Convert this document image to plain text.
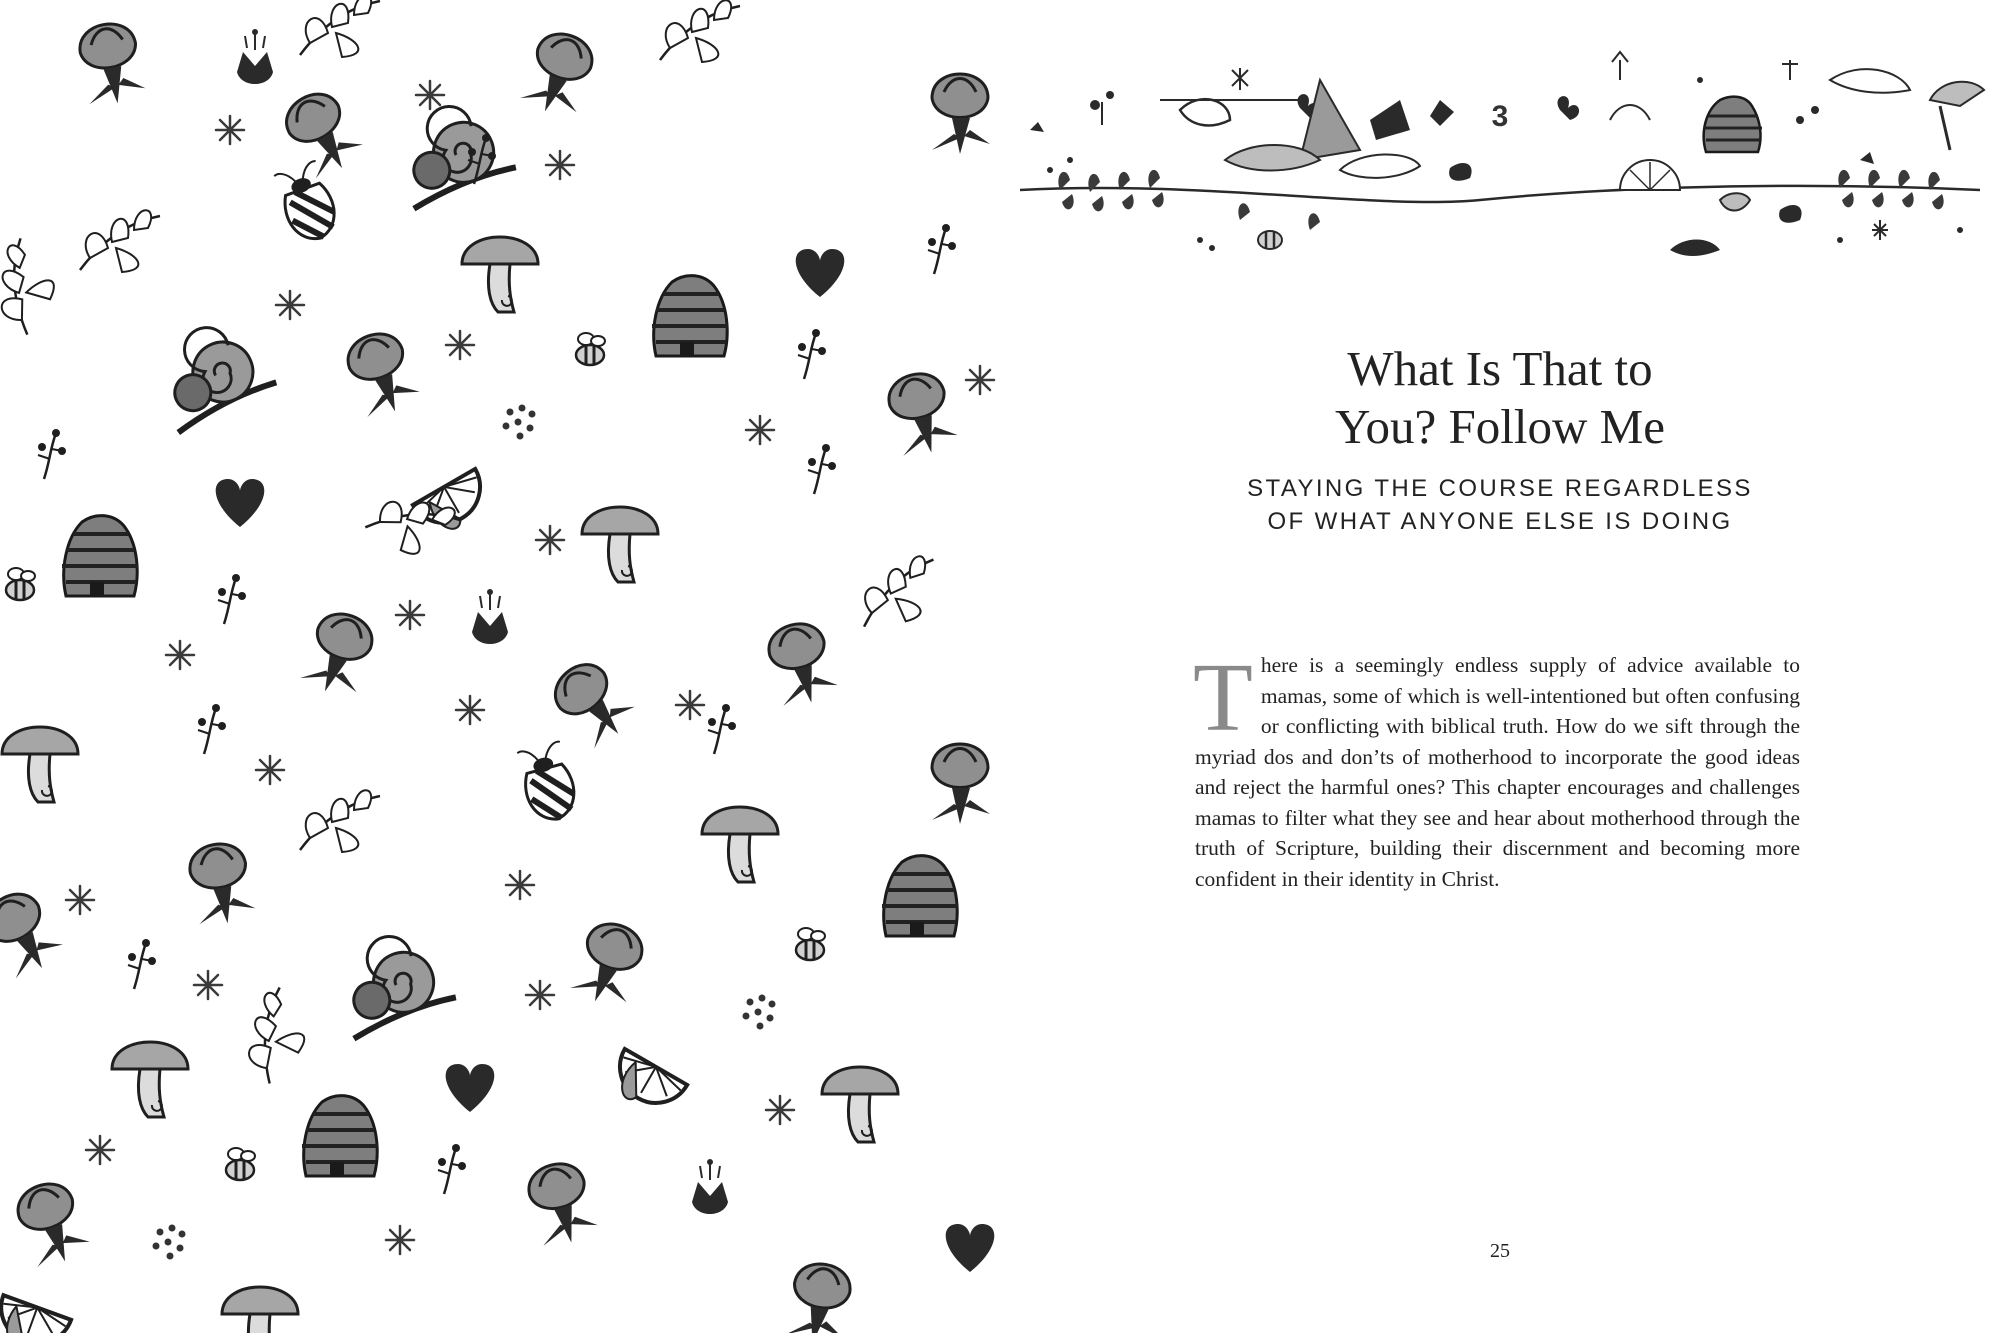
3
What Is That to
You? Follow Me
STAYING THE COURSE REGARDLESS
OF WHAT ANYONE ELSE IS DOING
There is a seemingly endless supply of advice available to mamas, some of which is well-intentioned but often confusing or conflicting with biblical truth. How do we sift through the myriad dos and don’ts of motherhood to incorporate the good ideas and reject the harmful ones? This chapter encourages and challenges mamas to filter what they see and hear about motherhood through the truth of Scripture, building their discernment and becoming more confident in their identity in Christ.
25
